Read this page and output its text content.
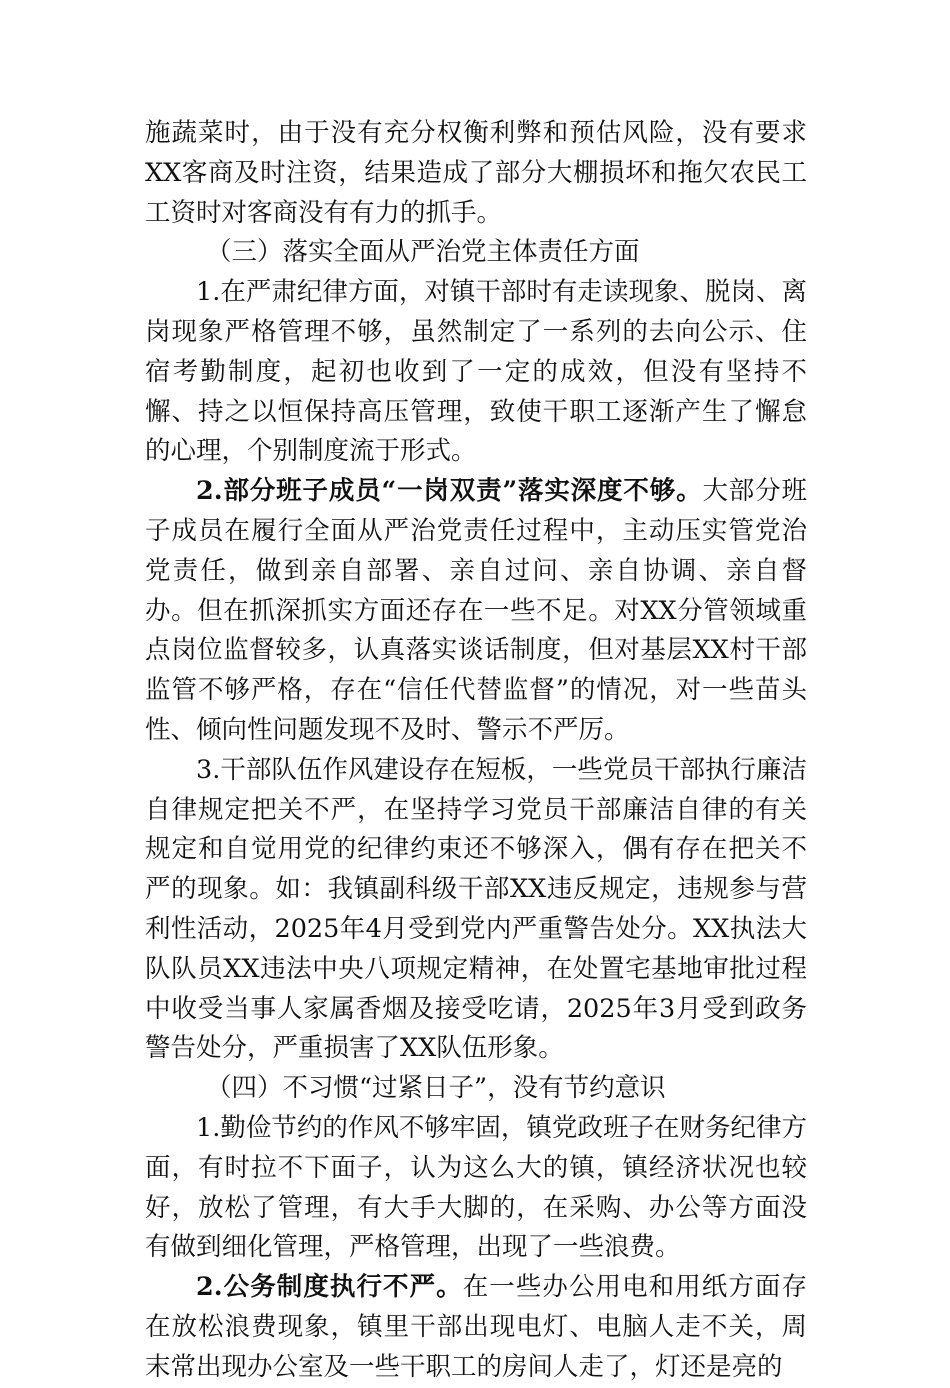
施蔬菜时，由于没有充分权衡利弊和预估风险，没有要求XX客商及时注资，结果造成了部分大棚损坏和拖欠农民工工资时对客商没有有力的抓手。

（三）落实全面从严治党主体责任方面

1.在严肃纪律方面，对镇干部时有走读现象、脱岗、离岗现象严格管理不够，虽然制定了一系列的去向公示、住宿考勤制度，起初也收到了一定的成效，但没有坚持不懈、持之以恒保持高压管理，致使干职工逐渐产生了懈怠的心理，个别制度流于形式。

2.部分班子成员“一岗双责”落实深度不够。大部分班子成员在履行全面从严治党责任过程中，主动压实管党治党责任，做到亲自部署、亲自过问、亲自协调、亲自督办。但在抓深抓实方面还存在一些不足。对XX分管领域重点岗位监督较多，认真落实谈话制度，但对基层XX村干部监管不够严格，存在“信任代替监督”的情况，对一些苗头性、倾向性问题发现不及时、警示不严厉。

3.干部队伍作风建设存在短板，一些党员干部执行廉洁自律规定把关不严，在坚持学习党员干部廉洁自律的有关规定和自觉用党的纪律约束还不够深入，偶有存在把关不严的现象。如：我镇副科级干部XX违反规定，违规参与营利性活动，2025年4月受到党内严重警告处分。XX执法大队队员XX违法中央八项规定精神，在处置宅基地审批过程中收受当事人家属香烟及接受吃请，2025年3月受到政务警告处分，严重损害了XX队伍形象。

（四）不习惯“过紧日子”，没有节约意识

1.勤俭节约的作风不够牢固，镇党政班子在财务纪律方面，有时拉不下面子，认为这么大的镇，镇经济状况也较好，放松了管理，有大手大脚的，在采购、办公等方面没有做到细化管理，严格管理，出现了一些浪费。

2.公务制度执行不严。在一些办公用电和用纸方面存在放松浪费现象，镇里干部出现电灯、电脑人走不关，周末常出现办公室及一些干职工的房间人走了，灯还是亮的
